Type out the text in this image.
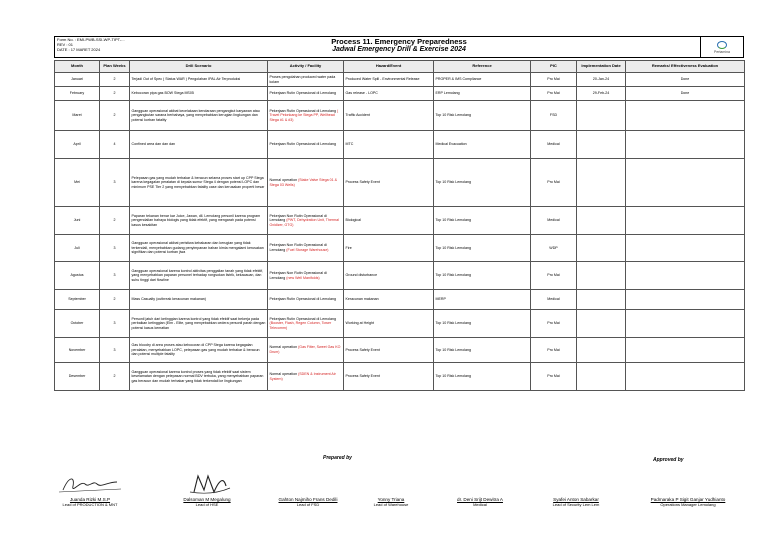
Form No. : EMI-PWB-SSI-WP-TIPT-...
REV : 01
DATE : 17 MARET 2024
Process 11. Emergency Preparedness
Jadwal Emergency Drill & Exercise 2024	Pertamina
Month	Plan Weeks	Drill Scenario	Activity / Facility	Hazard/Event	Reference	PIC	Implementation Date	Remarks/ Effectiveness Evaluation
Januari	2	Terjadi Out of Spec ( Status WAR ) Pengolahan IPAL Air Terproduksi	Proses pengolahan produced water pada kolam	Produced Water Spill - Environmental Release	PROPER & IMS Compliance	Pro Mai	20-Jan-24	Done
February	2	Kebocoran pipa gas BOW Stega MS05	Pekerjaan Rutin Operasional di Lemolang	Gas release - LOPC	ERP Lemolang	Pro Mai	29-Feb-24	Done
Maret	2	Gangguan operasional akibat kecelakaan kendaraan pengangkut karyawan atau pengangkutan sarana berbahaya, yang menyebabkan kerugian lingkungan dan potensi korban fatality	Pekerjaan Rutin Operasional di Lemolang ( Travel Pelonkang ke Stega PP, Wellhead Stega #1 & #3)	Traffic Accident	Top 10 Risk Lemolang	FSD		
April	4	Confined area dan dan dan	Pekerjaan Rutin Operasional di Lemolang	MTC	Medical Evacuation	Medical		
Mei	3	Pelepasan gas yang mudah terbakar & beracun selama proses start up CPP Stega karena kegagalan peralatan di kepala sumur Stega 4 dengan potensi LOPC dan minimum PSE Tier 2 yang menyebabkan fatality case dan kerusakan properti besar	Normal operation (Stake Valve Stega 01 & Stega 03 Wells)	Process Safety Event	Top 10 Risk Lemolang	Pro Mai		
Juni	2	Paparan tekanan benar kar Juice, Jawan, dll. Lemolang personil karena program pengendalian bahaya biologis yang tidak efektif, yang mengarah pada potensi kasus kesakitan	Pekerjaan Non Rutin Operasional di Lemolang (PWT, Dehydration Unit, Thermal Oxidizer, GTG)	Biological	Top 10 Risk Lemolang	Medical		
Juli	3	Gangguan operasional akibat peristiwa kebakaran dan kerugian yang tidak terkendali, menyebabkan gudang penyimpanan bahan kimia mengalami kerusakan signifikan dan potensi korban jiwa	Pekerjaan Non Rutin Operasional di Lemolang (Fuel Storage Warehouse)	Fire	Top 10 Risk Lemolang	WDP		
Agustus	3	Gangguan operasional karena kontrol aktivitas penggalian tanah yang tidak efektif, yang menyebabkan paparan personel terhadap rongsokan listrik, kekacauan, dan suhu tinggi dari flowline	Pekerjaan Non Rutin Operasional di Lemolang (new Well Manifolds)	Ground disturbance	Top 10 Risk Lemolang	Pro Mai		
September	2	Mass Casualty (outbreak keracunan makanan)	Pekerjaan Rutin Operasional di Lemolang	Keracunan makanan	MERP	Medical		
October	3	Personil jatuh dari ketinggian karena kontrol yang tidak efektif saat bekerja pada perbaikan ketinggian (Elm - Elite, yang menyebabkan cedera personil parah dengan potensi kasus kematian	Pekerjaan Rutin Operasional di Lemolang (Booster, Flash, Regen Column, Tower Telecomm)	Working at Height	Top 10 Risk Lemolang	Pro Mai		
November	3	Gas bloodry di area proses atau kebocoran di CPP Stega karena kegagalan peralatan, menyebabkan LOPC, pelepasan gas yang mudah terbakar & beracun dan potensi multiple fatality	Normal operation (Gas Filter, Sweet Gas KO Drum)	Process Safety Event	Top 10 Risk Lemolang	Pro Mai		
Desember	2	Gangguan operasional karena kontrol proses yang tidak efektif saat sistem keselamatan dengan pelepasan normal BDV terbuka, yang menyebabkan paparan gas beracun dan mudah terbakar yang tidak terkendali ke lingkungan	Normal operation (SDEN & Instrument Air System)	Process Safety Event	Top 10 Risk Lemolang	Pro Mai		
Prepared by	Approved by
Juanda Rizki M.S.P
Lead of PRODUCTION & MNT
Dalsoman M Megalung
Lead of HSE
Gahton Najmiho Frans Dedili
Lead of FSD
Yonny Triana
Lead of Warehouse
dr. Deni Srijt Dewitra A
Medical
Syafei Anton Sabarkar
Lead of Security Lem Lem
Padmaraka P Sigit Ganjar Yudhianto
Operations Manager Lemolang
